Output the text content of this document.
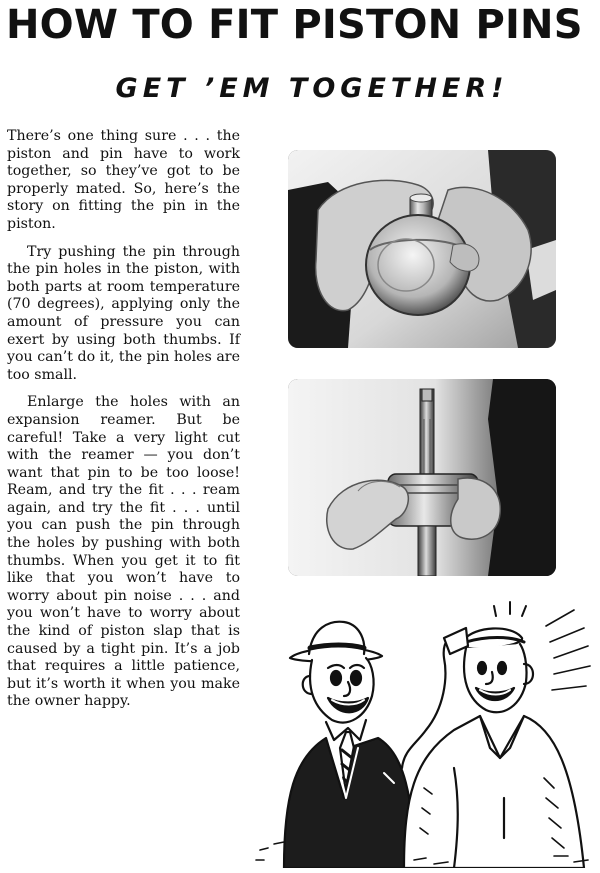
HOW TO FIT PISTON PINS
GET ’EM TOGETHER!

There’s one thing sure . . . the piston and pin have to work together, so they’ve got to be properly mated. So, here’s the story on fitting the pin in the piston.

Try pushing the pin through the pin holes in the piston, with both parts at room temperature (70 degrees), applying only the amount of pressure you can exert by using both thumbs. If you can’t do it, the pin holes are too small.

Enlarge the holes with an expansion reamer. But be careful! Take a very light cut with the reamer — you don’t want that pin to be too loose! Ream, and try the fit . . . ream again, and try the fit . . . until you can push the pin through the holes by pushing with both thumbs. When you get it to fit like that you won’t have to worry about pin noise . . . and you won’t have to worry about the kind of piston slap that is caused by a tight pin. It’s a job that requires a little patience, but it’s worth it when you make the owner happy.
